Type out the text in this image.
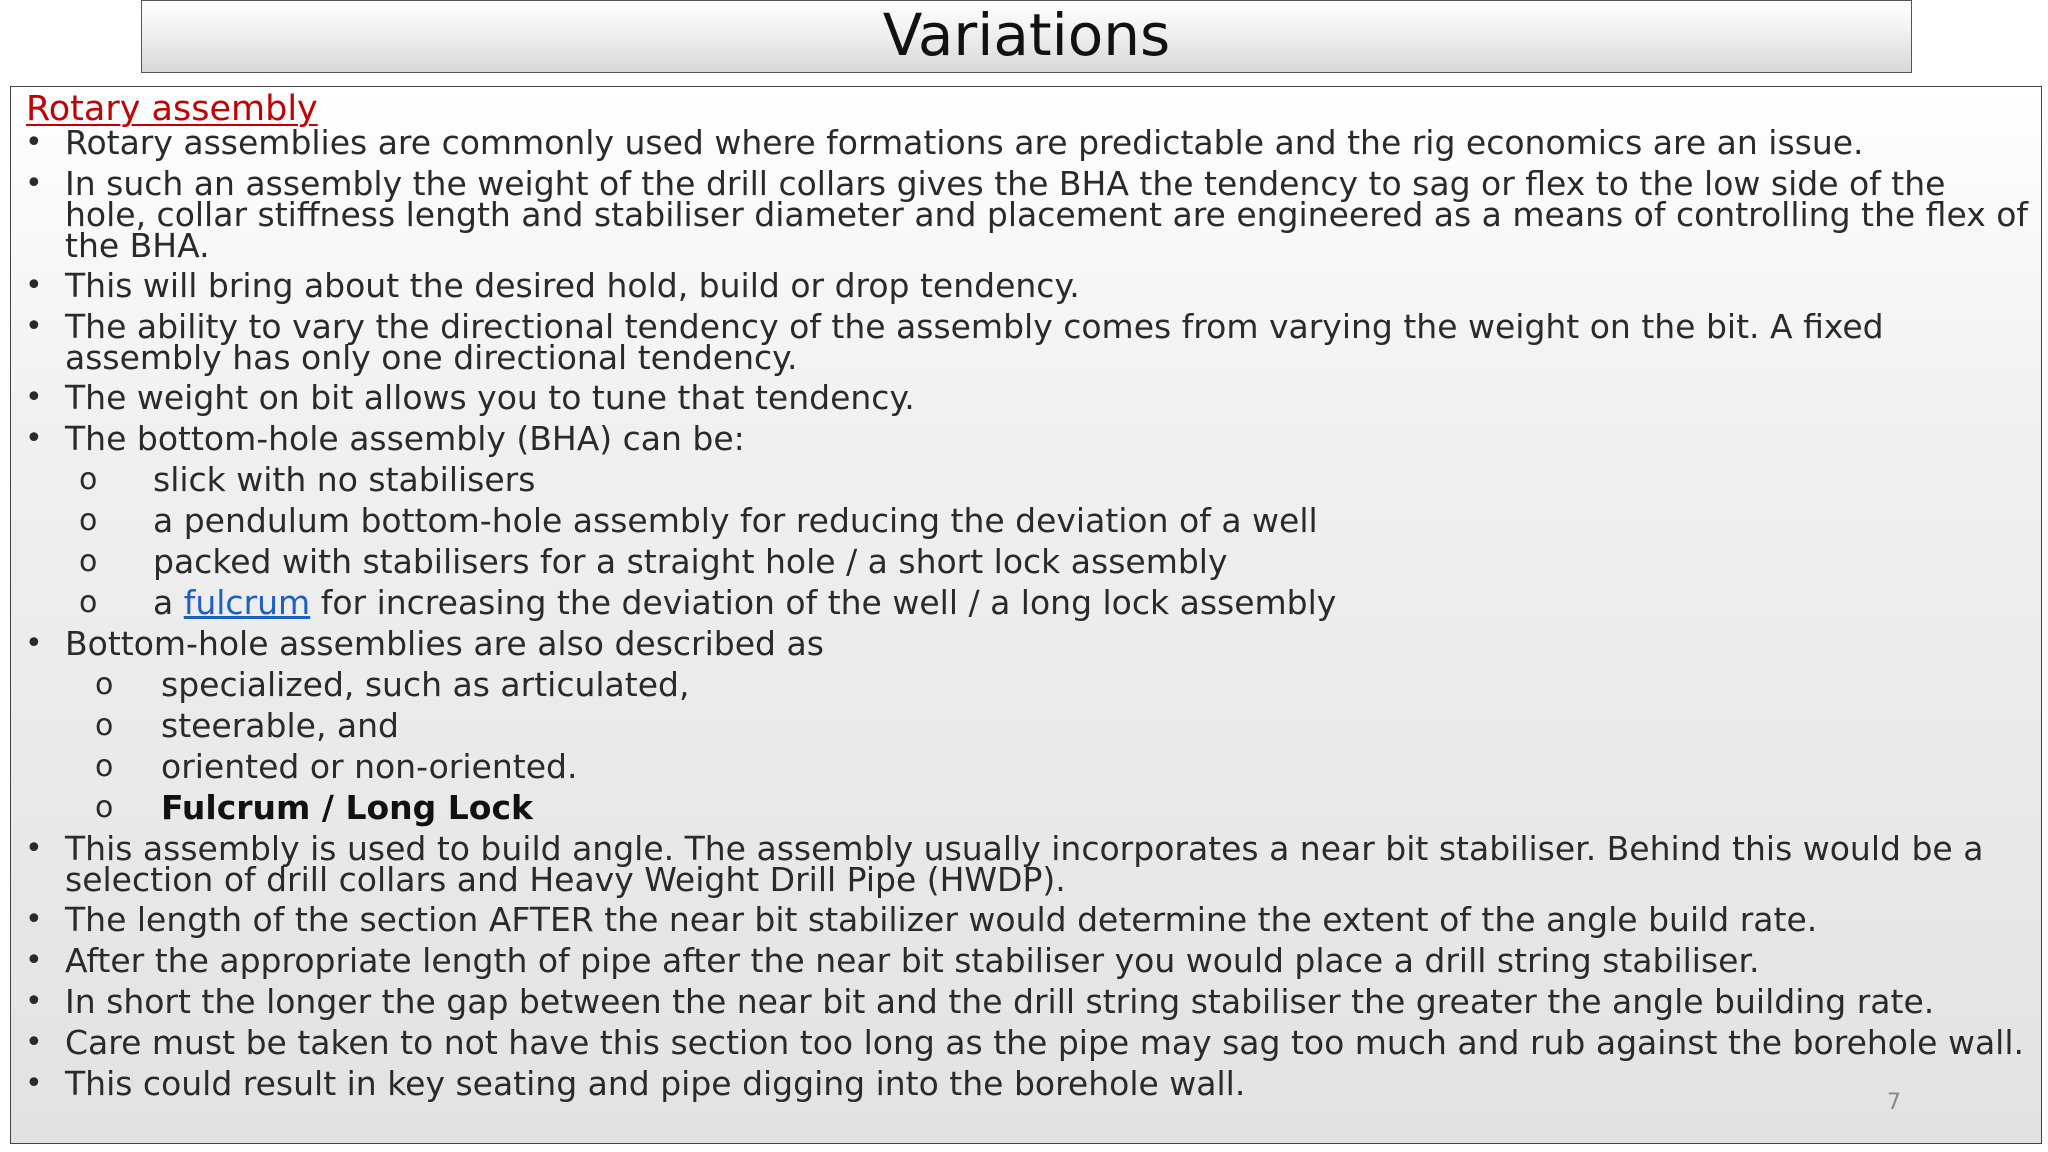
Variations
Rotary assembly
• Rotary assemblies are commonly used where formations are predictable and the rig economics are an issue.
• In such an assembly the weight of the drill collars gives the BHA the tendency to sag or flex to the low side of the hole, collar stiffness length and stabiliser diameter and placement are engineered as a means of controlling the flex of the BHA.
• This will bring about the desired hold, build or drop tendency.
• The ability to vary the directional tendency of the assembly comes from varying the weight on the bit. A fixed assembly has only one directional tendency.
• The weight on bit allows you to tune that tendency.
• The bottom-hole assembly (BHA) can be:
o slick with no stabilisers
o a pendulum bottom-hole assembly for reducing the deviation of a well
o packed with stabilisers for a straight hole / a short lock assembly
o a fulcrum for increasing the deviation of the well / a long lock assembly
• Bottom-hole assemblies are also described as
o specialized, such as articulated,
o steerable, and
o oriented or non-oriented.
o Fulcrum / Long Lock
• This assembly is used to build angle. The assembly usually incorporates a near bit stabiliser. Behind this would be a selection of drill collars and Heavy Weight Drill Pipe (HWDP).
• The length of the section AFTER the near bit stabilizer would determine the extent of the angle build rate.
• After the appropriate length of pipe after the near bit stabiliser you would place a drill string stabiliser.
• In short the longer the gap between the near bit and the drill string stabiliser the greater the angle building rate.
• Care must be taken to not have this section too long as the pipe may sag too much and rub against the borehole wall.
• This could result in key seating and pipe digging into the borehole wall.	7
